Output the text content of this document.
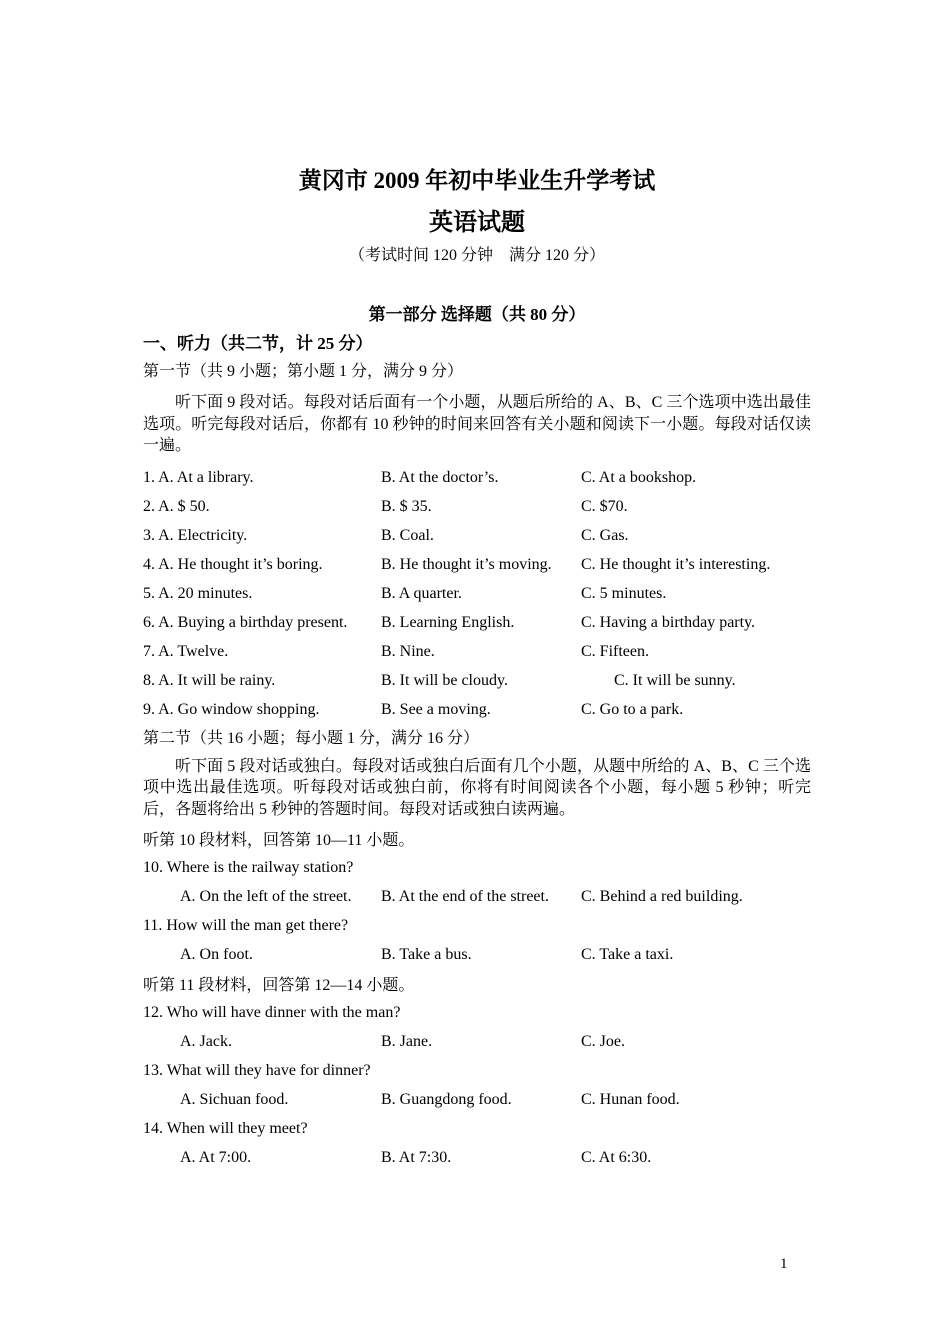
黄冈市 2009 年初中毕业生升学考试
英语试题
（考试时间 120 分钟　满分 120 分）
第一部分 选择题（共 80 分）
一、听力（共二节，计 25 分）
第一节（共 9 小题；第小题 1 分，满分 9 分）
听下面 9 段对话。每段对话后面有一个小题，从题后所给的 A、B、C 三个选项中选出最佳选项。听完每段对话后，你都有 10 秒钟的时间来回答有关小题和阅读下一小题。每段对话仅读一遍。
1. A. At a library.	B. At the doctor’s.	C. At a bookshop.
2. A. $ 50.	B. $ 35.	C. $70.
3. A. Electricity.	B. Coal.	C. Gas.
4. A. He thought it’s boring.	B. He thought it’s moving.	C. He thought it’s interesting.
5. A. 20 minutes.	B. A quarter.	C. 5 minutes.
6. A. Buying a birthday present.	B. Learning English.	C. Having a birthday party.
7. A. Twelve.	B. Nine.	C. Fifteen.
8. A. It will be rainy.	B. It will be cloudy.	C. It will be sunny.
9. A. Go window shopping.	B. See a moving.	C. Go to a park.
第二节（共 16 小题；每小题 1 分，满分 16 分）
听下面 5 段对话或独白。每段对话或独白后面有几个小题，从题中所给的 A、B、C 三个选项中选出最佳选项。听每段对话或独白前，你将有时间阅读各个小题，每小题 5 秒钟；听完后，各题将给出 5 秒钟的答题时间。每段对话或独白读两遍。
听第 10 段材料，回答第 10—11 小题。
10. Where is the railway station?
A. On the left of the street.	B. At the end of the street.	C. Behind a red building.
11. How will the man get there?
A. On foot.	B. Take a bus.	C. Take a taxi.
听第 11 段材料，回答第 12—14 小题。
12. Who will have dinner with the man?
A. Jack.	B. Jane.	C. Joe.
13. What will they have for dinner?
A. Sichuan food.	B. Guangdong food.	C. Hunan food.
14. When will they meet?
A. At 7:00.	B. At 7:30.	C. At 6:30.
1
